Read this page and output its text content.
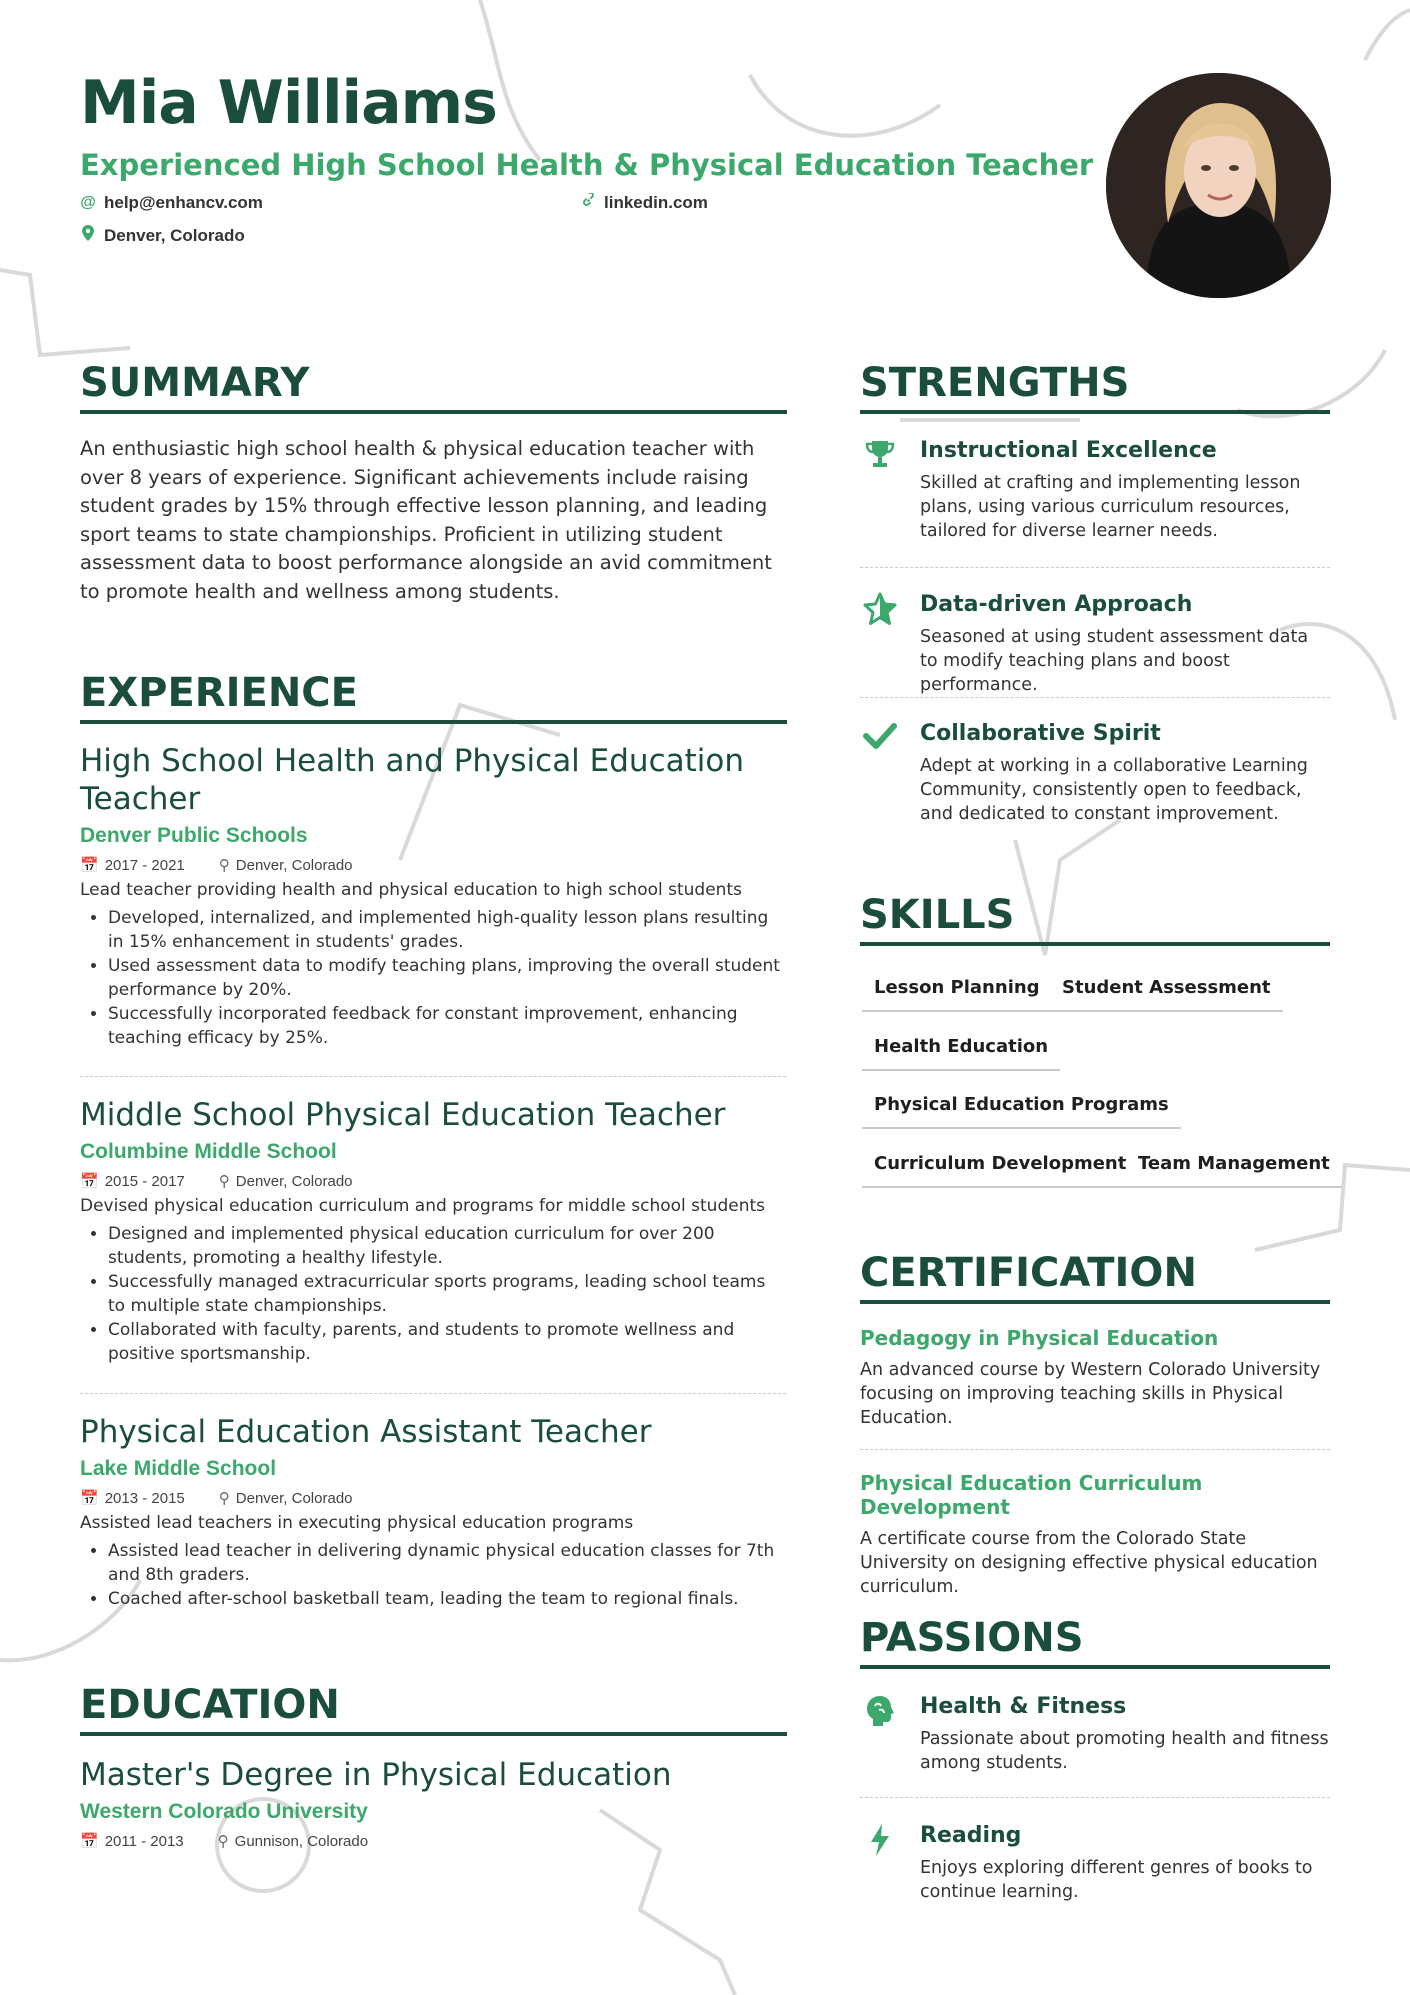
Mia Williams
Experienced High School Health & Physical Education Teacher
@ help@enhancv.com	linkedin.com
Denver, Colorado
SUMMARY
An enthusiastic high school health & physical education teacher with over 8 years of experience. Significant achievements include raising student grades by 15% through effective lesson planning, and leading sport teams to state championships. Proficient in utilizing student assessment data to boost performance alongside an avid commitment to promote health and wellness among students.
EXPERIENCE
High School Health and Physical Education Teacher
Denver Public Schools
📅 2017 - 2021 ⚲ Denver, Colorado
Lead teacher providing health and physical education to high school students
• Developed, internalized, and implemented high-quality lesson plans resulting in 15% enhancement in students' grades.
• Used assessment data to modify teaching plans, improving the overall student performance by 20%.
• Successfully incorporated feedback for constant improvement, enhancing teaching efficacy by 25%.
Middle School Physical Education Teacher
Columbine Middle School
📅 2015 - 2017 ⚲ Denver, Colorado
Devised physical education curriculum and programs for middle school students
• Designed and implemented physical education curriculum for over 200 students, promoting a healthy lifestyle.
• Successfully managed extracurricular sports programs, leading school teams to multiple state championships.
• Collaborated with faculty, parents, and students to promote wellness and positive sportsmanship.
Physical Education Assistant Teacher
Lake Middle School
📅 2013 - 2015 ⚲ Denver, Colorado
Assisted lead teachers in executing physical education programs
• Assisted lead teacher in delivering dynamic physical education classes for 7th and 8th graders.
• Coached after-school basketball team, leading the team to regional finals.
EDUCATION
Master's Degree in Physical Education
Western Colorado University
📅 2011 - 2013 ⚲ Gunnison, Colorado
STRENGTHS
Instructional Excellence
Skilled at crafting and implementing lesson plans, using various curriculum resources, tailored for diverse learner needs.
Data-driven Approach
Seasoned at using student assessment data to modify teaching plans and boost performance.
Collaborative Spirit
Adept at working in a collaborative Learning Community, consistently open to feedback, and dedicated to constant improvement.
SKILLS
Lesson Planning	Student Assessment
Health Education
Physical Education Programs
Curriculum Development Team Management
CERTIFICATION
Pedagogy in Physical Education
An advanced course by Western Colorado University focusing on improving teaching skills in Physical Education.
Physical Education Curriculum Development
A certificate course from the Colorado State University on designing effective physical education curriculum.
PASSIONS
Health & Fitness
Passionate about promoting health and fitness among students.
Reading
Enjoys exploring different genres of books to continue learning.
